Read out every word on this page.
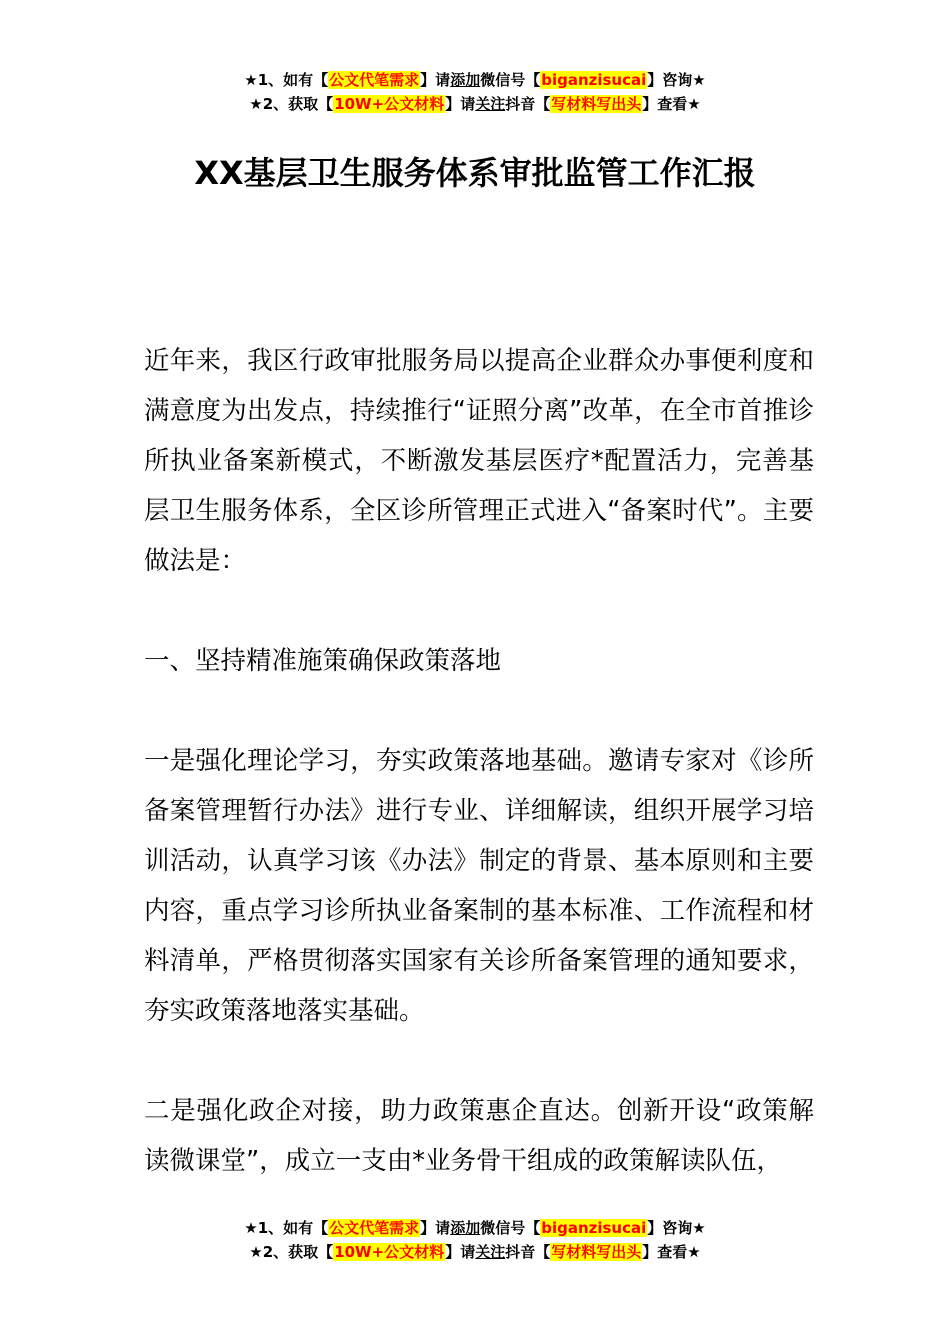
★1、如有【公文代笔需求】请添加微信号【biganzisucai】咨询★
★2、获取【10W+公文材料】请关注抖音【写材料写出头】查看★
XX基层卫生服务体系审批监管工作汇报

近年来，我区行政审批服务局以提高企业群众办事便利度和满意度为出发点，持续推行“证照分离”改革，在全市首推诊所执业备案新模式，不断激发基层医疗*配置活力，完善基层卫生服务体系，全区诊所管理正式进入“备案时代”。主要做法是：

一、坚持精准施策确保政策落地

一是强化理论学习，夯实政策落地基础。邀请专家对《诊所备案管理暂行办法》进行专业、详细解读，组织开展学习培训活动，认真学习该《办法》制定的背景、基本原则和主要内容，重点学习诊所执业备案制的基本标准、工作流程和材料清单，严格贯彻落实国家有关诊所备案管理的通知要求，夯实政策落地落实基础。

二是强化政企对接，助力政策惠企直达。创新开设“政策解读微课堂”，成立一支由*业务骨干组成的政策解读队伍，

★1、如有【公文代笔需求】请添加微信号【biganzisucai】咨询★
★2、获取【10W+公文材料】请关注抖音【写材料写出头】查看★
